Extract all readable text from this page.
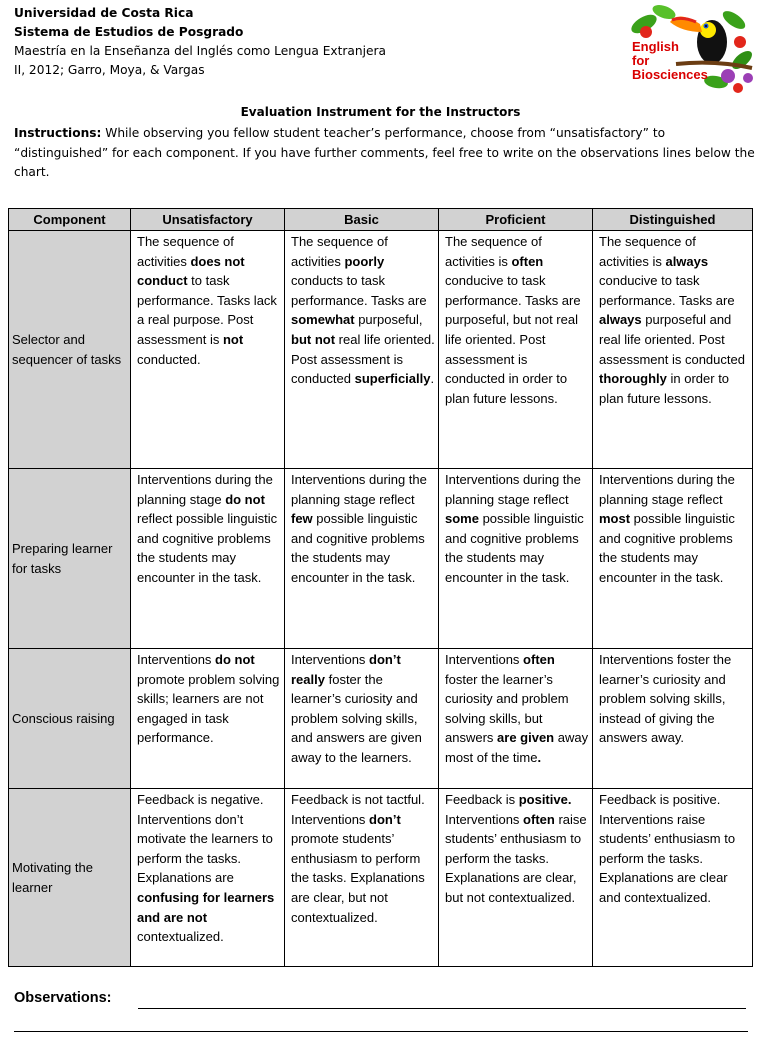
Universidad de Costa Rica
Sistema de Estudios de Posgrado
Maestría en la Enseñanza del Inglés como Lengua Extranjera
II, 2012; Garro, Moya, & Vargas
English
for
Biosciences
Evaluation Instrument for the Instructors
Instructions: While observing you fellow student teacher’s performance, choose from “unsatisfactory” to “distinguished” for each component. If you have further comments, feel free to write on the observations lines below the chart.
Component	Unsatisfactory	Basic	Proficient	Distinguished
Selector and sequencer of tasks	The sequence of activities does not conduct to task performance. Tasks lack a real purpose. Post assessment is not conducted.	The sequence of activities poorly conducts to task performance. Tasks are somewhat purposeful, but not real life oriented. Post assessment is conducted superficially.	The sequence of activities is often conducive to task performance. Tasks are purposeful, but not real life oriented. Post assessment is conducted in order to plan future lessons.	The sequence of activities is always conducive to task performance. Tasks are always purposeful and real life oriented. Post assessment is conducted thoroughly in order to plan future lessons.

Preparing learner for tasks	Interventions during the planning stage do not reflect possible linguistic and cognitive problems the students may encounter in the task.	Interventions during the planning stage reflect few possible linguistic and cognitive problems the students may encounter in the task.	Interventions during the planning stage reflect some possible linguistic and cognitive problems the students may encounter in the task.	Interventions during the planning stage reflect most possible linguistic and cognitive problems the students may encounter in the task.

Conscious raising	Interventions do not promote problem solving skills; learners are not engaged in task performance.	Interventions don’t really foster the learner’s curiosity and problem solving skills, and answers are given away to the learners.	Interventions often foster the learner’s curiosity and problem solving skills, but answers are given away most of the time.	Interventions foster the learner’s curiosity and problem solving skills, instead of giving the answers away.

Motivating the learner	Feedback is negative. Interventions don’t motivate the learners to perform the tasks. Explanations are confusing for learners and are not contextualized.	Feedback is not tactful. Interventions don’t promote students’ enthusiasm to perform the tasks. Explanations are clear, but not contextualized.	Feedback is positive. Interventions often raise students’ enthusiasm to perform the tasks. Explanations are clear, but not contextualized.	Feedback is positive. Interventions raise students’ enthusiasm to perform the tasks. Explanations are clear and contextualized.
Observations:
